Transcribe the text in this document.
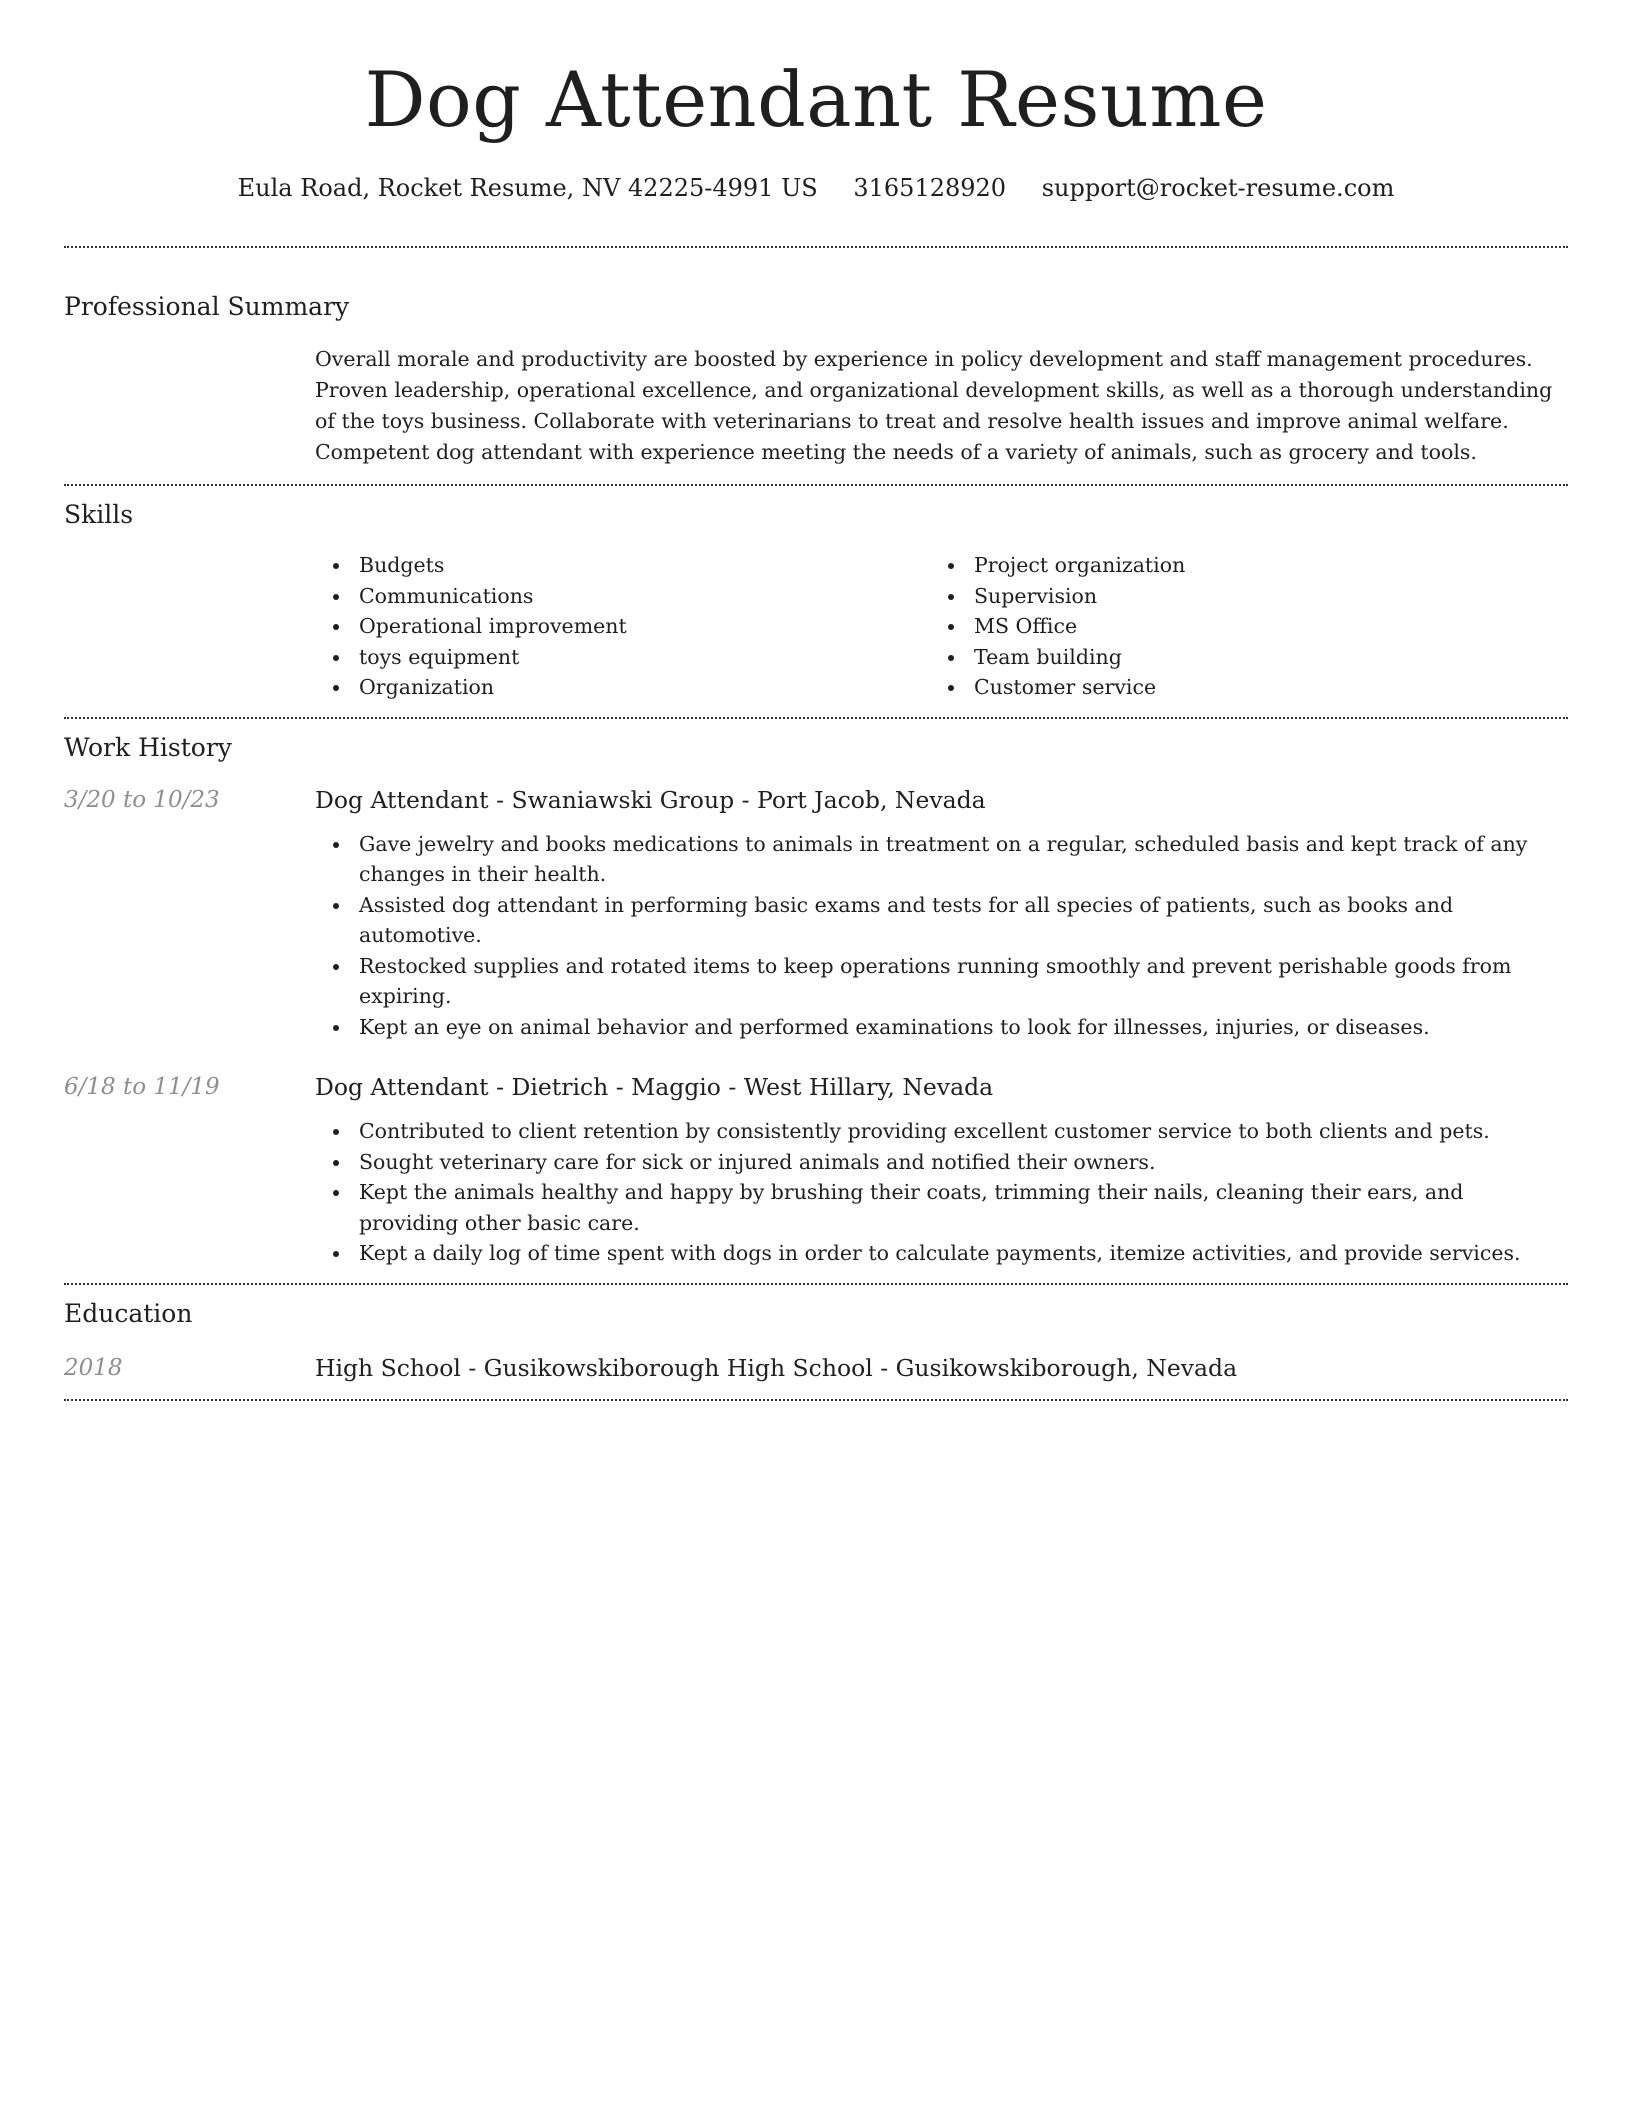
Dog Attendant Resume
Eula Road, Rocket Resume, NV 42225-4991 US 3165128920 support@rocket-resume.com
Professional Summary
Overall morale and productivity are boosted by experience in policy development and staff management procedures. Proven leadership, operational excellence, and organizational development skills, as well as a thorough understanding of the toys business. Collaborate with veterinarians to treat and resolve health issues and improve animal welfare. Competent dog attendant with experience meeting the needs of a variety of animals, such as grocery and tools.
Skills
Budgets
Communications
Operational improvement
toys equipment
Organization
Project organization
Supervision
MS Office
Team building
Customer service
Work History
3/20 to 10/23	Dog Attendant - Swaniawski Group - Port Jacob, Nevada
Gave jewelry and books medications to animals in treatment on a regular, scheduled basis and kept track of any changes in their health.
Assisted dog attendant in performing basic exams and tests for all species of patients, such as books and automotive.
Restocked supplies and rotated items to keep operations running smoothly and prevent perishable goods from expiring.
Kept an eye on animal behavior and performed examinations to look for illnesses, injuries, or diseases.
6/18 to 11/19	Dog Attendant - Dietrich - Maggio - West Hillary, Nevada
Contributed to client retention by consistently providing excellent customer service to both clients and pets.
Sought veterinary care for sick or injured animals and notified their owners.
Kept the animals healthy and happy by brushing their coats, trimming their nails, cleaning their ears, and providing other basic care.
Kept a daily log of time spent with dogs in order to calculate payments, itemize activities, and provide services.
Education
2018	High School - Gusikowskiborough High School - Gusikowskiborough, Nevada
